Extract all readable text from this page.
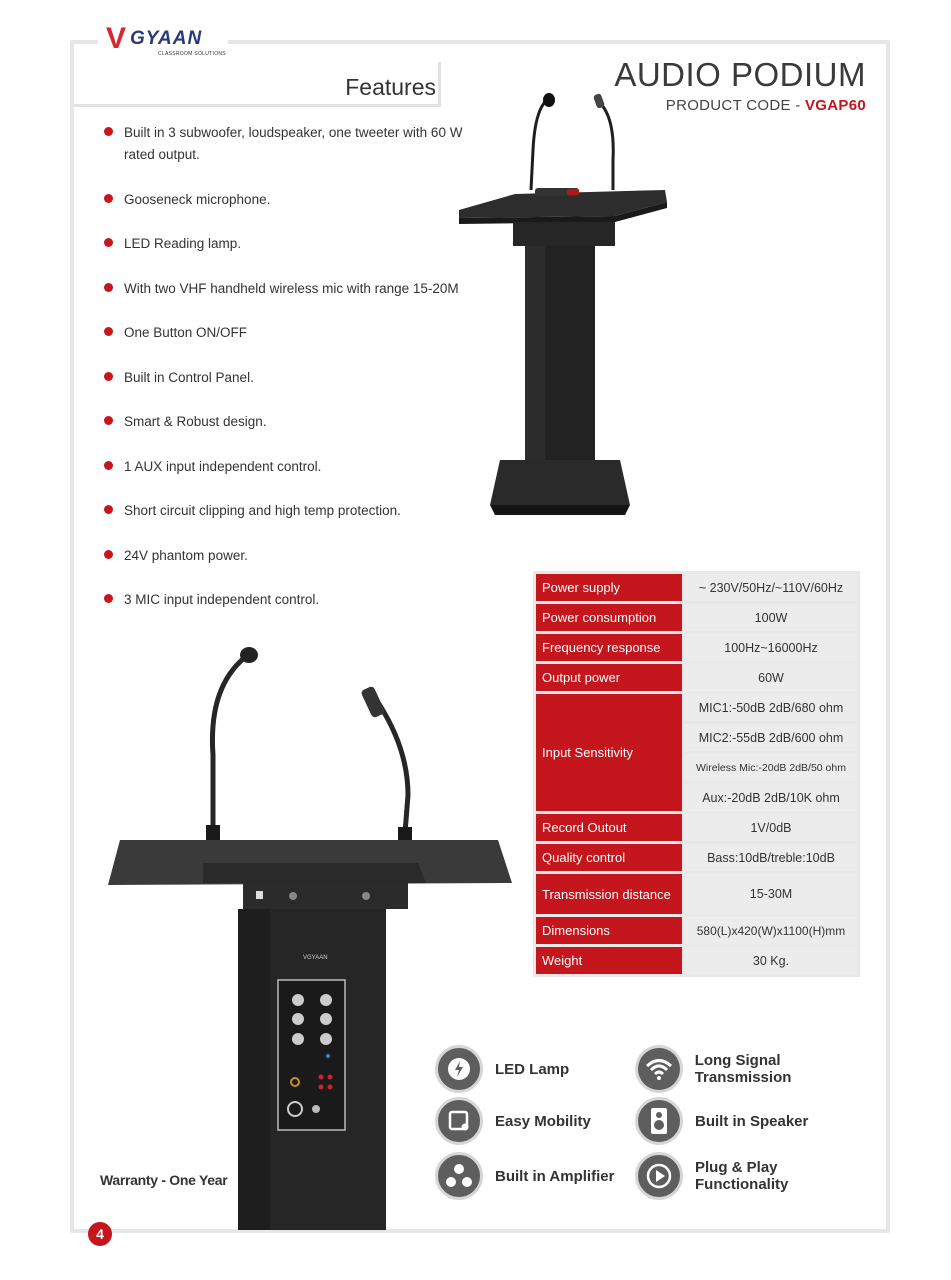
V GYAAN
CLASSROOM SOLUTIONS
Features	AUDIO PODIUM
PRODUCT CODE - VGAP60
Built in 3 subwoofer, loudspeaker, one tweeter with 60 W rated output.
Gooseneck microphone.
LED Reading lamp.
With two VHF handheld wireless mic with range 15-20M
One Button ON/OFF
Built in Control Panel.
Smart & Robust design.
1 AUX input independent control.
Short circuit clipping and high temp protection.
24V phantom power.
3 MIC input independent control.
VGYAAN
Power supply	~ 230V/50Hz/~110V/60Hz
Power consumption	100W
Frequency response	100Hz~16000Hz
Output power	60W
Input Sensitivity	MIC1:-50dB 2dB/680 ohm
	MIC2:-55dB 2dB/600 ohm
	Wireless Mic:-20dB 2dB/50 ohm
	Aux:-20dB 2dB/10K ohm
Record Outout	1V/0dB
Quality control	Bass:10dB/treble:10dB
Transmission distance	15-30M
Dimensions	580(L)x420(W)x1100(H)mm
Weight	30 Kg.
LED Lamp	Long Signal Transmission
Easy Mobility	Built in Speaker
Built in Amplifier	Plug & Play
Functionality
Warranty - One Year
4
